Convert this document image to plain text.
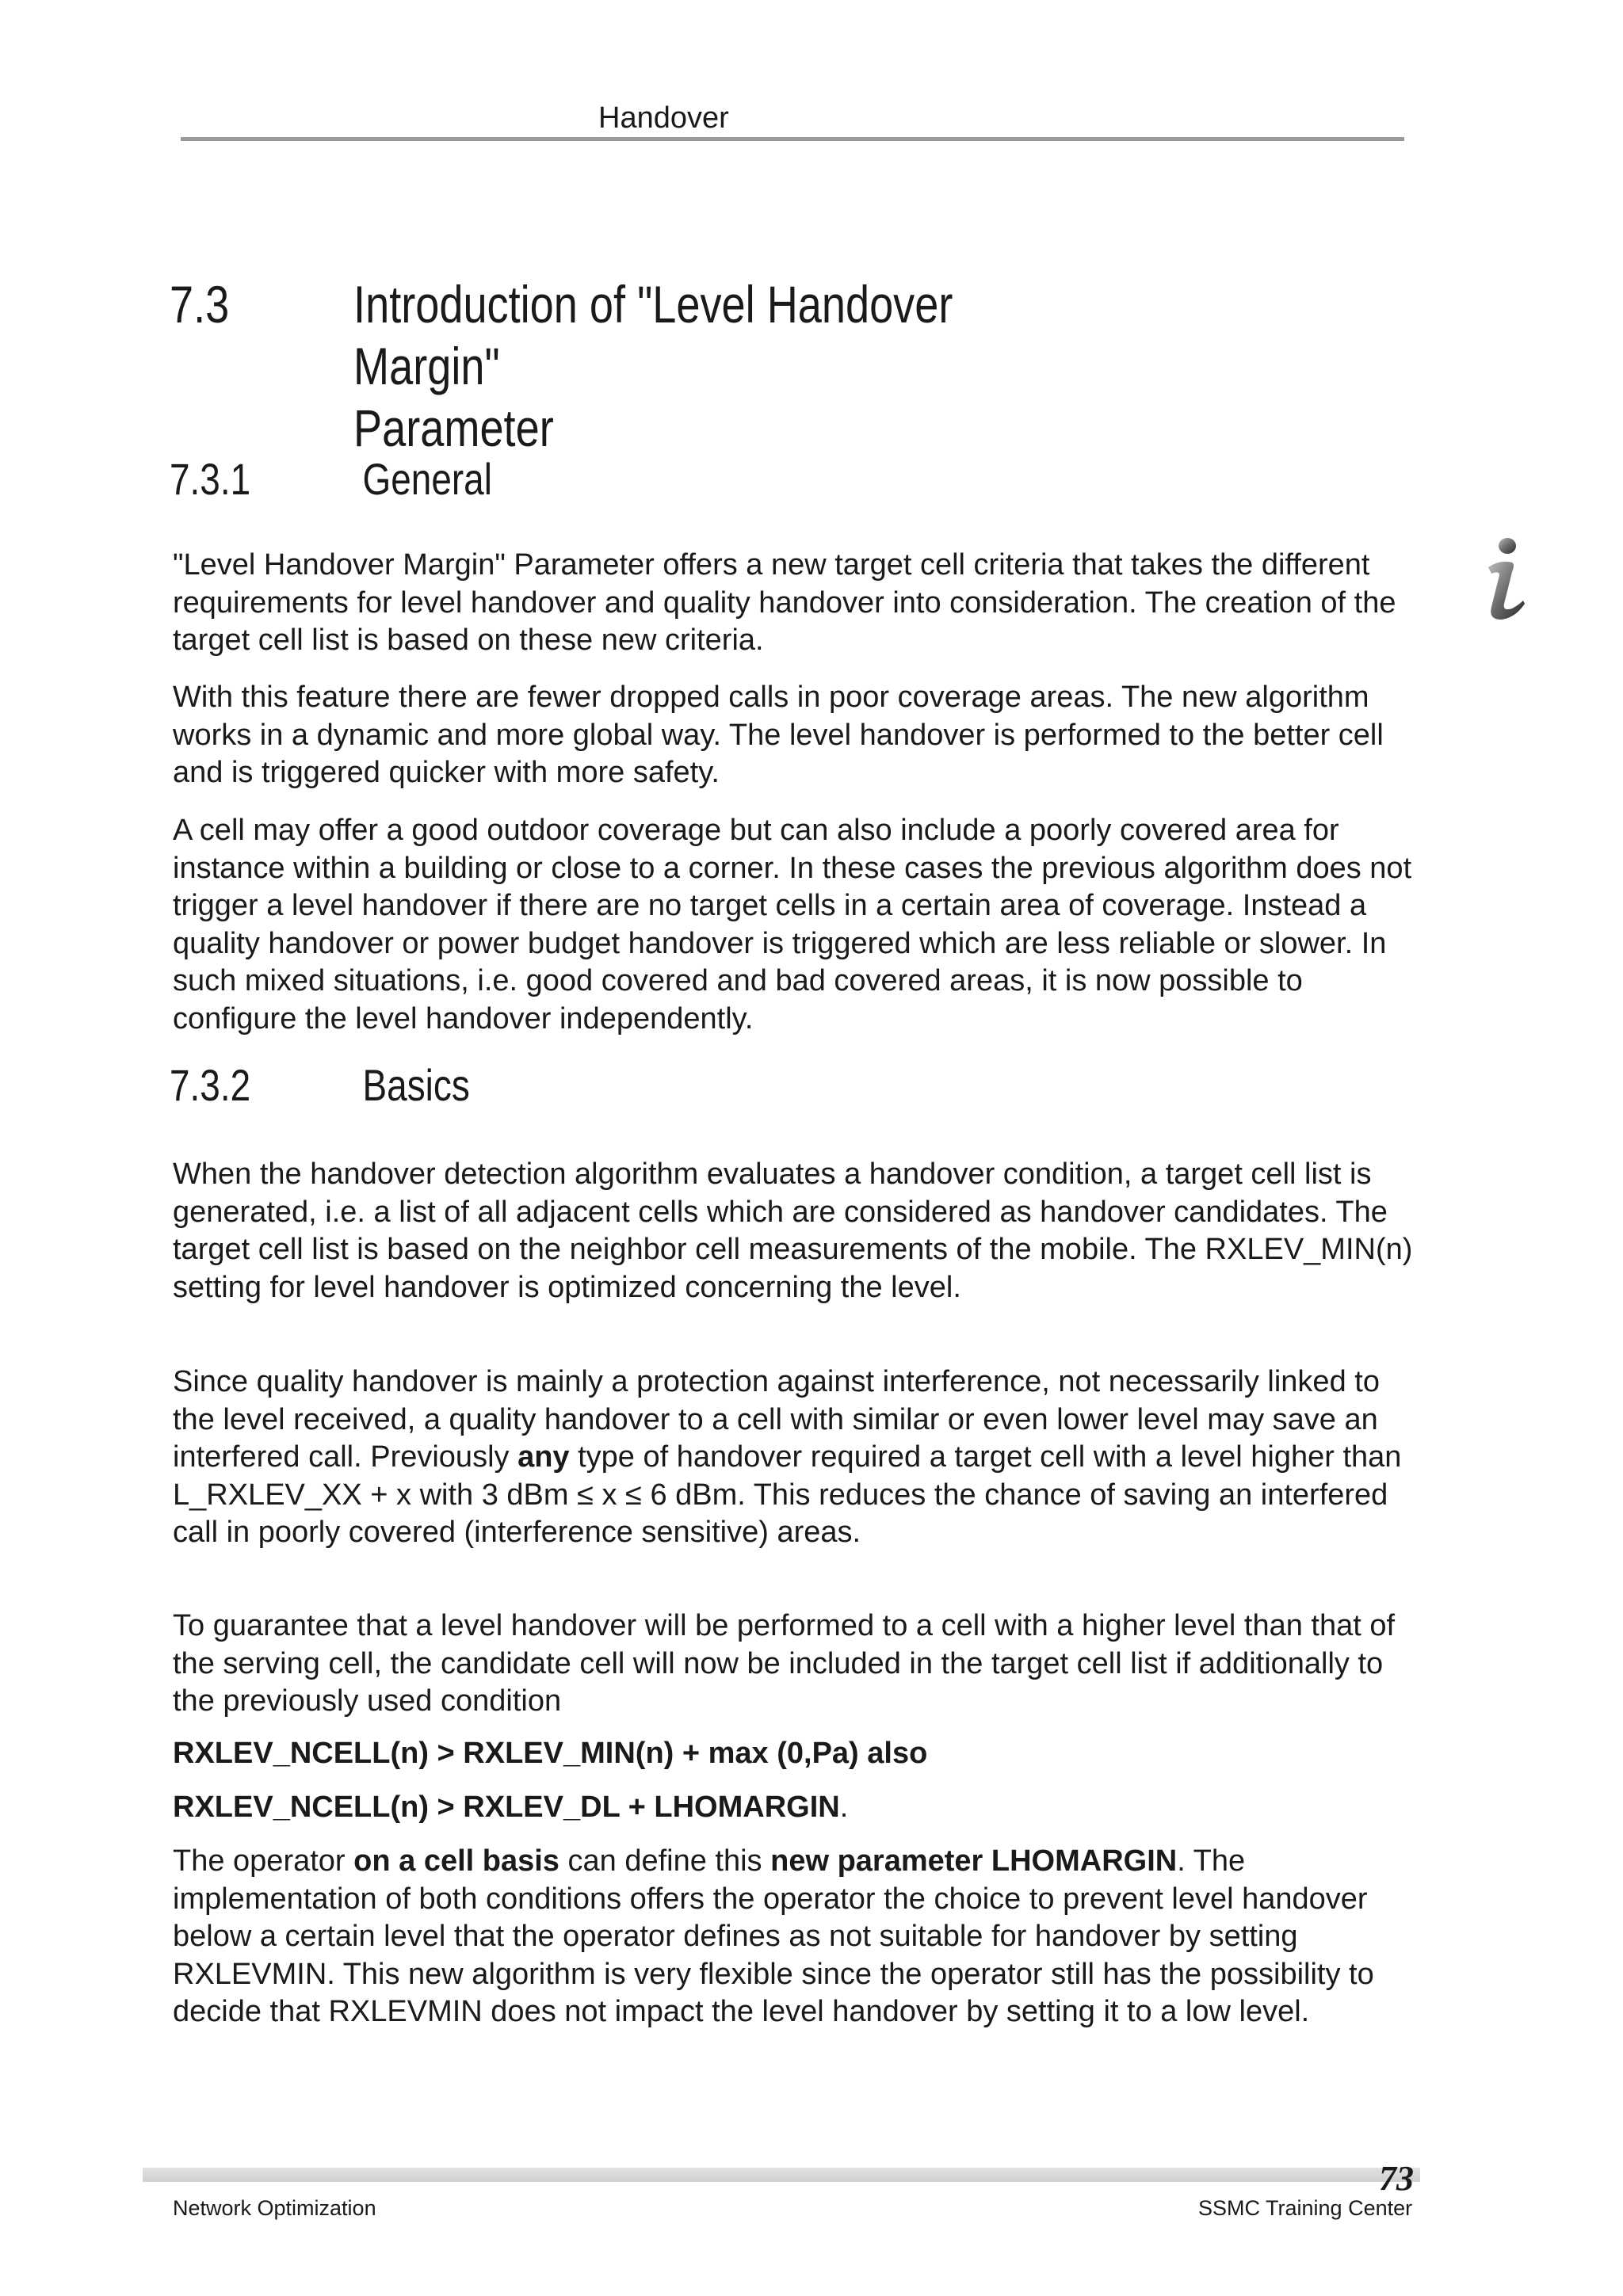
Handover
7.3 Introduction of "Level Handover Margin"
Parameter
7.3.1	General

"Level Handover Margin" Parameter offers a new target cell criteria that takes the different requirements for level handover and quality handover into consideration. The creation of the target cell list is based on these new criteria.

With this feature there are fewer dropped calls in poor coverage areas. The new algorithm works in a dynamic and more global way. The level handover is performed to the better cell and is triggered quicker with more safety.

A cell may offer a good outdoor coverage but can also include a poorly covered area for instance within a building or close to a corner. In these cases the previous algorithm does not trigger a level handover if there are no target cells in a certain area of coverage. Instead a quality handover or power budget handover is triggered which are less reliable or slower. In such mixed situations, i.e. good covered and bad covered areas, it is now possible to configure the level handover independently.

7.3.2	Basics

When the handover detection algorithm evaluates a handover condition, a target cell list is generated, i.e. a list of all adjacent cells which are considered as handover candidates. The target cell list is based on the neighbor cell measurements of the mobile. The RXLEV_MIN(n) setting for level handover is optimized concerning the level.

Since quality handover is mainly a protection against interference, not necessarily linked to the level received, a quality handover to a cell with similar or even lower level may save an interfered call. Previously any type of handover required a target cell with a level higher than L_RXLEV_XX + x with 3 dBm ≤ x ≤ 6 dBm. This reduces the chance of saving an interfered call in poorly covered (interference sensitive) areas.

To guarantee that a level handover will be performed to a cell with a higher level than that of the serving cell, the candidate cell will now be included in the target cell list if additionally to the previously used condition

RXLEV_NCELL(n) > RXLEV_MIN(n) + max (0,Pa) also
RXLEV_NCELL(n) > RXLEV_DL + LHOMARGIN.

The operator on a cell basis can define this new parameter LHOMARGIN. The implementation of both conditions offers the operator the choice to prevent level handover below a certain level that the operator defines as not suitable for handover by setting RXLEVMIN. This new algorithm is very flexible since the operator still has the possibility to decide that RXLEVMIN does not impact the level handover by setting it to a low level.

73
Network Optimization	SSMC Training Center
